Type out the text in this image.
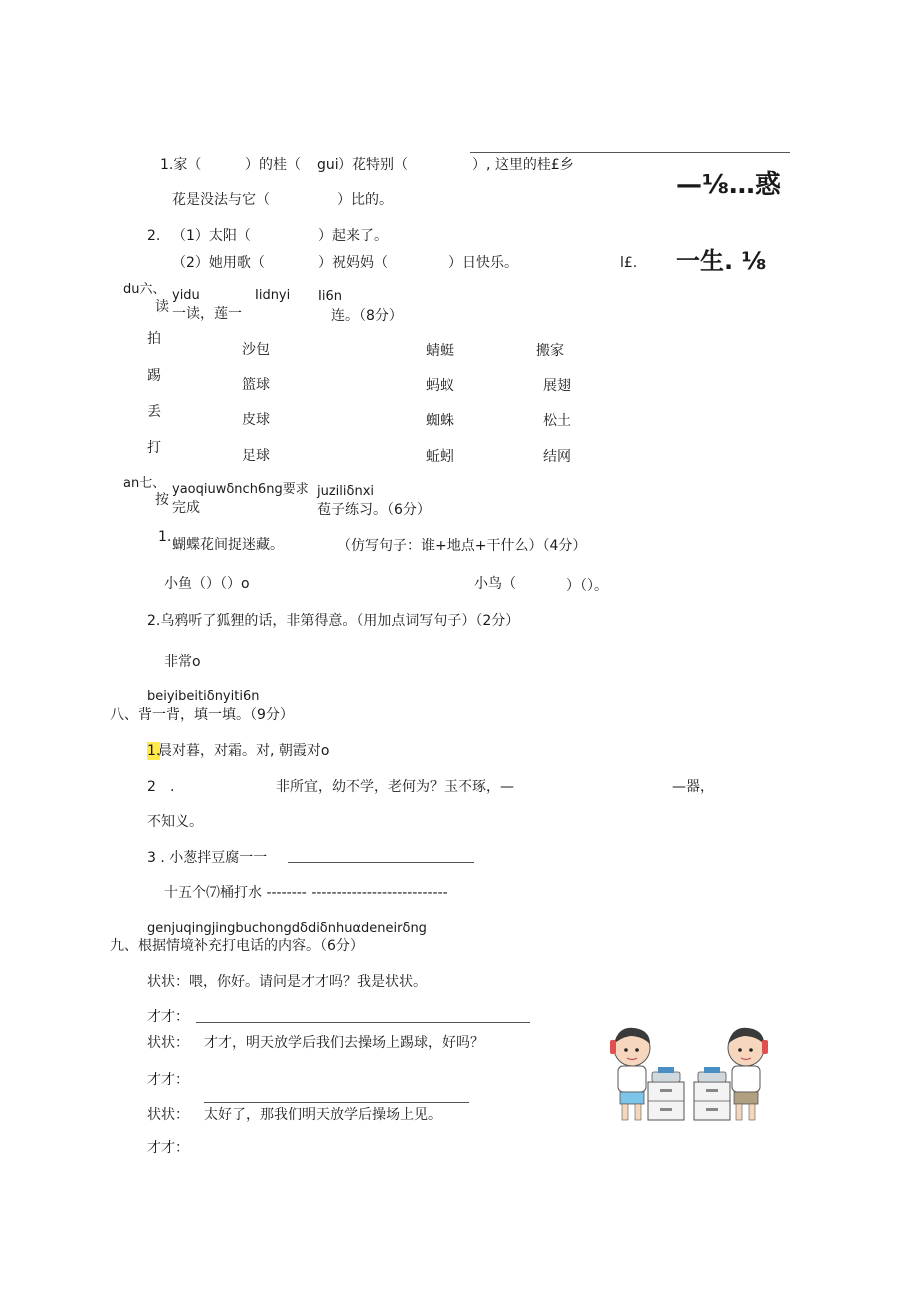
1.家（	）的桂（ gui ）花特别（	）, 这里的桂£乡
花是没法与它（	）比的。	—⅛…惑
2. （1）太阳（	）起来了。
（2）她用歌（	）祝妈妈（	）日快乐。	l£. 一生. ⅛
du六、
读
yidu	Iidnyi Ii6n
一读，莲一	连。（8分）
拍
踢
丢
打
沙包
篮球
皮球
足球
蜻蜓
蚂蚁
蜘蛛
蚯蚓
搬家
展翅
松土
结网
an七、
按
yaoqiuwδnch6ng要求
完成
juziliδnxi
苞子练习。（6分）
1. 蝴蝶花间捉迷藏。	（仿写句子：谁+地点+干什么）（4分）
小鱼（）（）o	小鸟（	）（）。
2.乌鸦听了狐狸的话，非第得意。（用加点词写句子）（2分）
非常o
beiyibeitiδnyiti6n
八、背一背，填一填。（9分）
1.
晨对暮，对霜。对, 朝霞对o
2 .	非所宜，幼不学，老何为？玉不琢，—	—器，
不知义。
3 . 小葱拌豆腐一一
十五个⑺桶打水 -------- ---------------------------
genjuqingjingbuchongdδdiδnhuαdeneirδng
九、根据情境补充打电话的内容。（6分）
状状：喂，你好。请问是才才吗？我是状状。
才才：
状状： 才才，明天放学后我们去操场上踢球，好吗？
才才：
状状： 太好了，那我们明天放学后操场上见。
才才：
